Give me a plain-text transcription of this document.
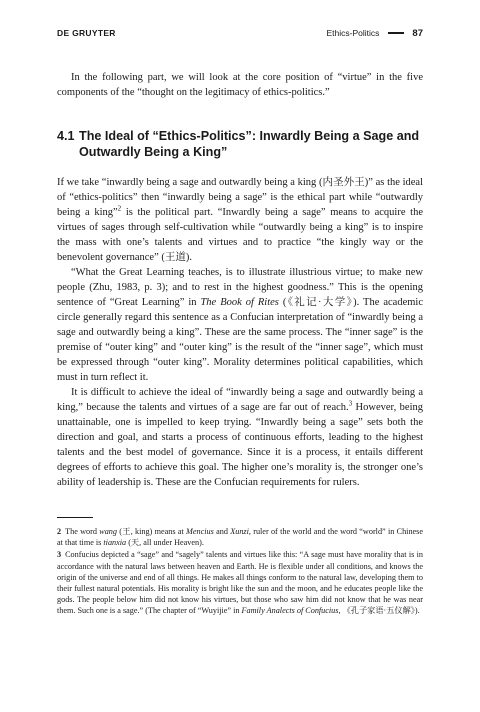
DE GRUYTER	Ethics-Politics	87

In the following part, we will look at the core position of “virtue” in the five components of the “thought on the legitimacy of ethics-politics.”

4.1 The Ideal of “Ethics-Politics”: Inwardly Being a Sage and Outwardly Being a King”

If we take “inwardly being a sage and outwardly being a king (内圣外王)” as the ideal of “ethics-politics” then “inwardly being a sage” is the ethical part while “outwardly being a king”$^2$ is the political part. “Inwardly being a sage” means to acquire the virtues of sages through self-cultivation while “outwardly being a king” is to inspire the mass with one’s talents and virtues and to practice “the kingly way or the benevolent governance” (王道).

“What the Great Learning teaches, is to illustrate illustrious virtue; to make new people (Zhu, 1983, p. 3); and to rest in the highest goodness.” This is the opening sentence of “Great Learning” in The Book of Rites (《礼记·大学》). The academic circle generally regard this sentence as a Confucian interpretation of “inwardly being a sage and outwardly being a king”. These are the same process. The “inner sage” is the premise of “outer king” and “outer king” is the result of the “inner sage”, which must be expressed through “outer king”. Morality determines political capabilities, which must in turn reflect it.

It is difficult to achieve the ideal of “inwardly being a sage and outwardly being a king,” because the talents and virtues of a sage are far out of reach.$^3$ However, being unattainable, one is impelled to keep trying. “Inwardly being a sage” sets both the direction and goal, and starts a process of continuous efforts, leading to the highest talents and the best model of governance. Since it is a process, it entails different degrees of efforts to achieve this goal. The higher one’s morality is, the stronger one’s ability of leadership is. These are the Confucian requirements for rulers.

2 The word wang (王, king) means at Mencius and Xunzi, ruler of the world and the word “world” in Chinese at that time is tianxia (天, all under Heaven).

3 Confucius depicted a “sage” and “sagely” talents and virtues like this: “A sage must have morality that is in accordance with the natural laws between heaven and Earth. He is flexible under all conditions, and knows the origin of the universe and end of all things. He makes all things conform to the natural law, developing them to their fullest natural potentials. His morality is bright like the sun and the moon, and he educates people like the gods. The people below him did not know his virtues, but those who saw him did not know that he was near them. Such one is a sage.” (The chapter of “Wuyijie” in Family Analects of Confucius, 《孔子家语·五仪解》).
